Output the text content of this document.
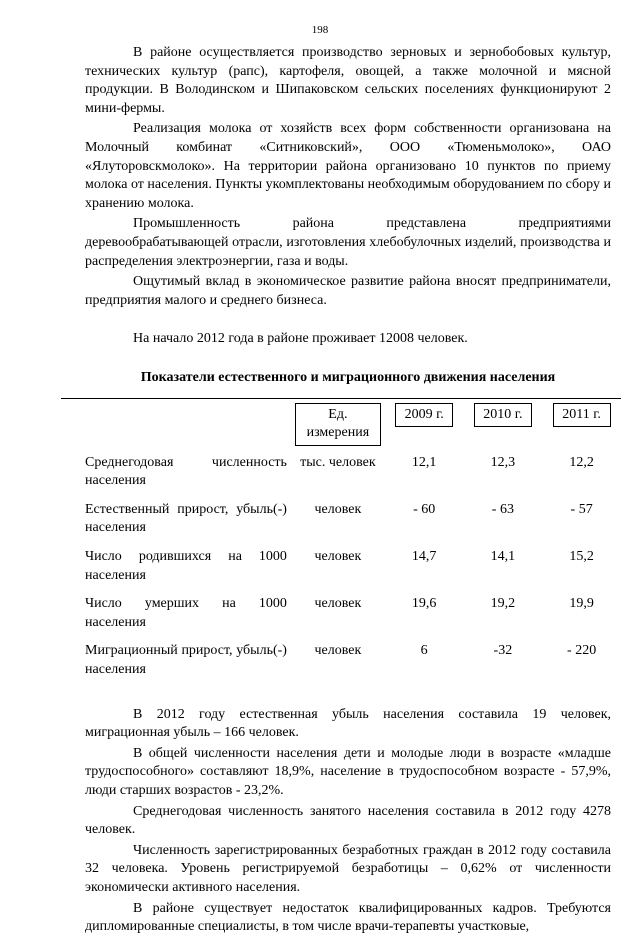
198

В районе осуществляется производство зерновых и зернобобовых культур, технических культур (рапс), картофеля, овощей, а также молочной и мясной продукции. В Володинском и Шипаковском сельских поселениях функционируют 2 мини-фермы.

Реализация молока от хозяйств всех форм собственности организована на Молочный комбинат «Ситниковский», ООО «Тюменьмолоко», ОАО «Ялуторовскмолоко». На территории района организовано 10 пунктов по приему молока от населения. Пункты укомплектованы необходимым оборудованием по сбору и хранению молока.

Промышленность района представлена предприятиями деревообрабатывающей отрасли, изготовления хлебобулочных изделий, производства и распределения электроэнергии, газа и воды.

Ощутимый вклад в экономическое развитие района вносят предприниматели, предприятия малого и среднего бизнеса.

На начало 2012 года в районе проживает 12008 человек.

Показатели естественного и миграционного движения населения
	Ед. измерения	2009 г.	2010 г.	2011 г.
Среднегодовая численность населения	тыс. человек	12,1	12,3	12,2
Естественный прирост, убыль(-) населения	человек	- 60	- 63	- 57
Число родившихся на 1000 населения	человек	14,7	14,1	15,2
Число умерших на 1000 населения	человек	19,6	19,2	19,9
Миграционный прирост, убыль(-) населения	человек	6	-32	- 220

В 2012 году естественная убыль населения составила 19 человек, миграционная убыль – 166 человек.

В общей численности населения дети и молодые люди в возрасте «младше трудоспособного» составляют 18,9%, население в трудоспособном возрасте - 57,9%, люди старших возрастов - 23,2%.

Среднегодовая численность занятого населения составила в 2012 году 4278 человек.

Численность зарегистрированных безработных граждан в 2012 году составила 32 человека. Уровень регистрируемой безработицы – 0,62% от численности экономически активного населения.

В районе существует недостаток квалифицированных кадров. Требуются дипломированные специалисты, в том числе врачи-терапевты участковые,
